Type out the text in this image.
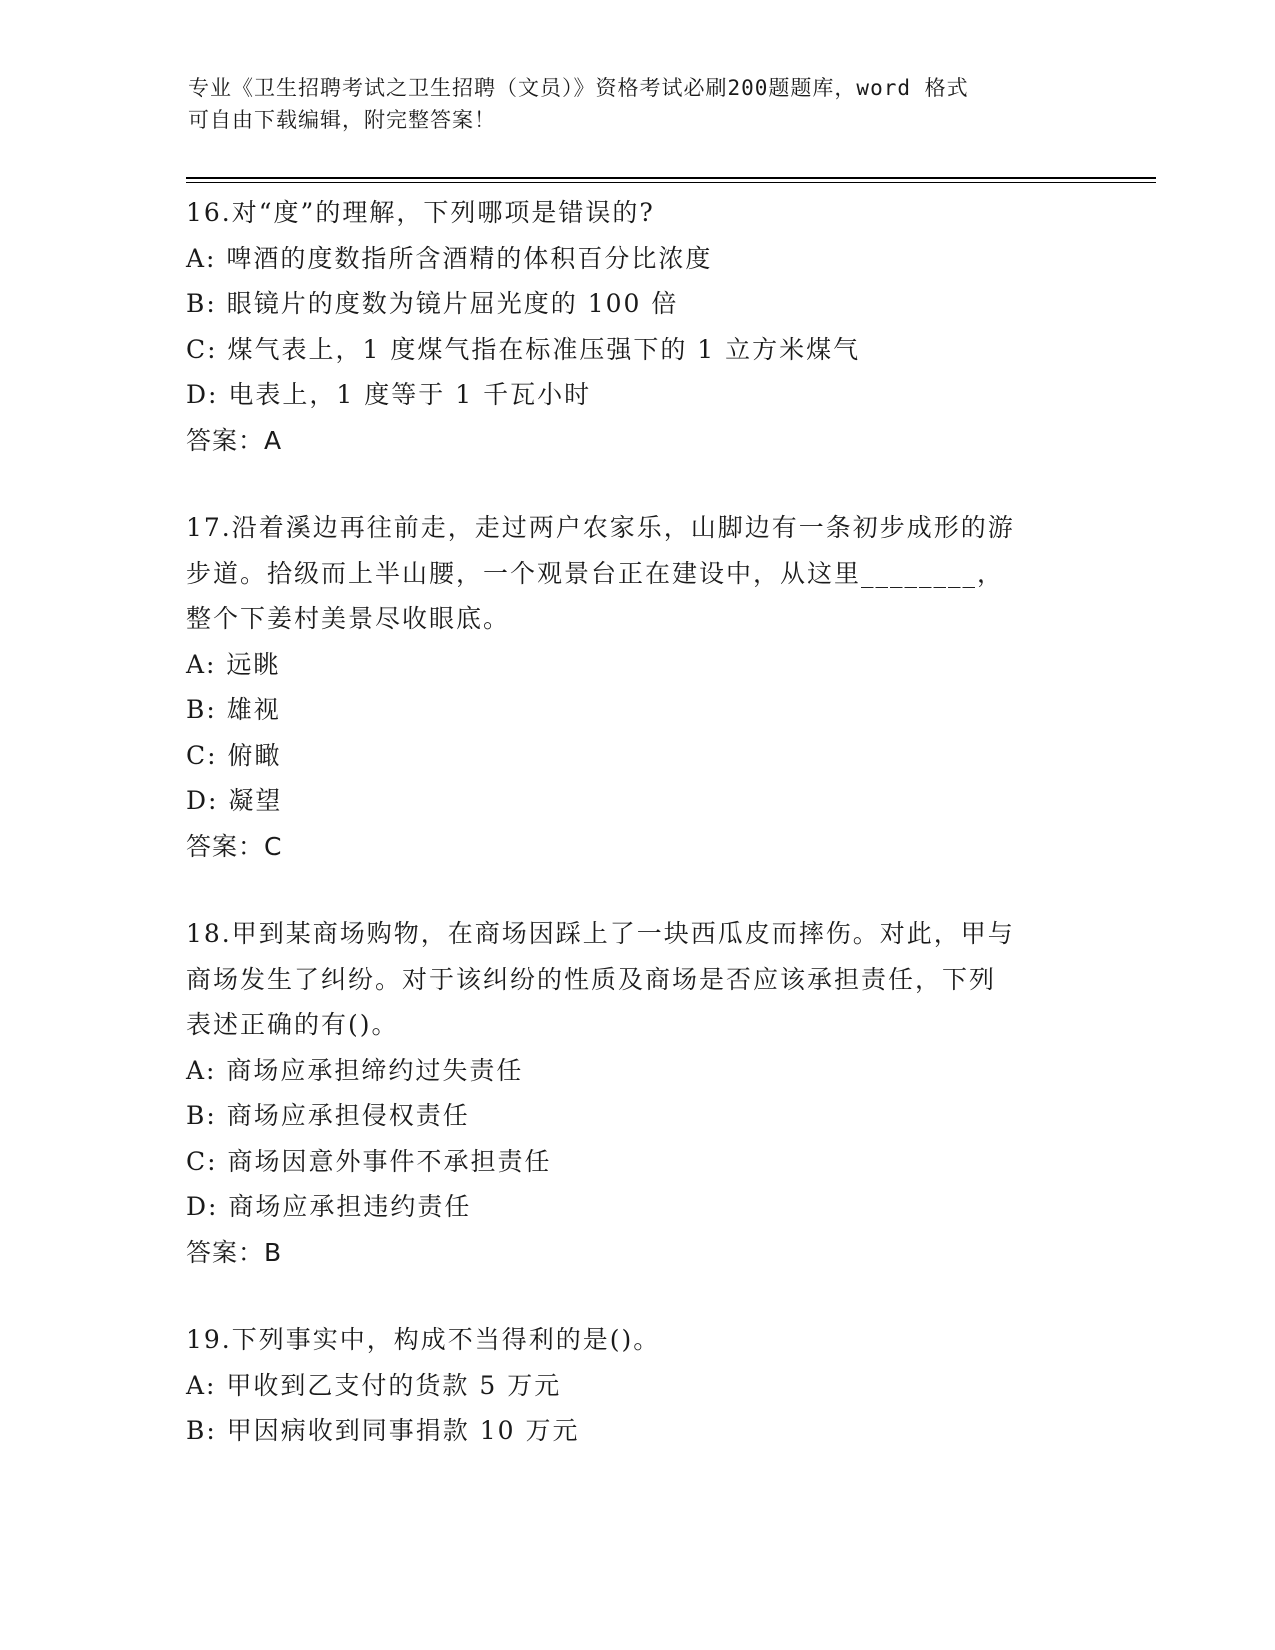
专业《卫生招聘考试之卫生招聘（文员）》资格考试必刷200题题库，word 格式
可自由下载编辑，附完整答案！
16.对“度”的理解，下列哪项是错误的?
A: 啤酒的度数指所含酒精的体积百分比浓度
B: 眼镜片的度数为镜片屈光度的 100 倍
C: 煤气表上，1 度煤气指在标准压强下的 1 立方米煤气
D: 电表上，1 度等于 1 千瓦小时
答案：A
17.沿着溪边再往前走，走过两户农家乐，山脚边有一条初步成形的游
步道。拾级而上半山腰，一个观景台正在建设中，从这里________，
整个下姜村美景尽收眼底。
A: 远眺
B: 雄视
C: 俯瞰
D: 凝望
答案：C
18.甲到某商场购物，在商场因踩上了一块西瓜皮而摔伤。对此，甲与
商场发生了纠纷。对于该纠纷的性质及商场是否应该承担责任，下列
表述正确的有()。
A: 商场应承担缔约过失责任
B: 商场应承担侵权责任
C: 商场因意外事件不承担责任
D: 商场应承担违约责任
答案：B
19.下列事实中，构成不当得利的是()。
A: 甲收到乙支付的货款 5 万元
B: 甲因病收到同事捐款 10 万元
